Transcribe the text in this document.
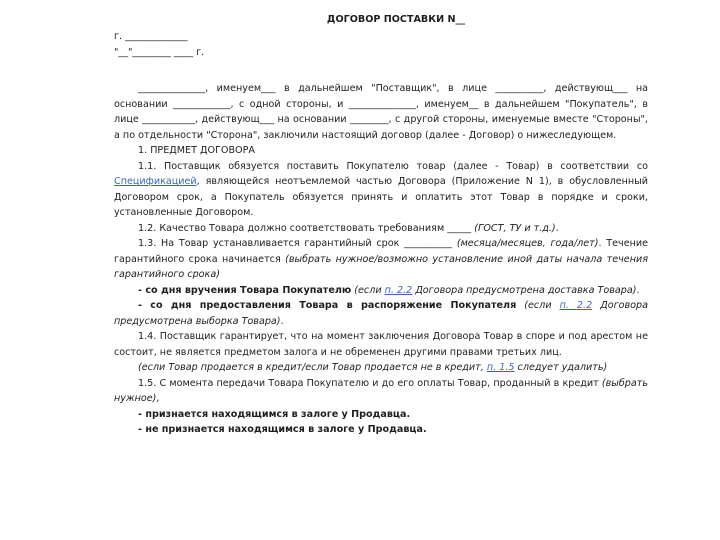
ДОГОВОР ПОСТАВКИ N__
г. _____________
"__"________ ____ г.

______________, именуем___ в дальнейшем "Поставщик", в лице __________, действующ___ на основании ____________, с одной стороны, и ______________, именуем__ в дальнейшем "Покупатель", в лице ___________, действующ___ на основании ________, с другой стороны, именуемые вместе "Стороны", а по отдельности "Сторона", заключили настоящий договор (далее - Договор) о нижеследующем.

1. ПРЕДМЕТ ДОГОВОРА

1.1. Поставщик обязуется поставить Покупателю товар (далее - Товар) в соответствии со Спецификацией, являющейся неотъемлемой частью Договора (Приложение N 1), в обусловленный Договором срок, а Покупатель обязуется принять и оплатить этот Товар в порядке и сроки, установленные Договором.

1.2. Качество Товара должно соответствовать требованиям _____ (ГОСТ, ТУ и т.д.).

1.3. На Товар устанавливается гарантийный срок __________ (месяца/месяцев, года/лет). Течение гарантийного срока начинается (выбрать нужное/возможно установление иной даты начала течения гарантийного срока)

- со дня вручения Товара Покупателю (если п. 2.2 Договора предусмотрена доставка Товара).

- со дня предоставления Товара в распоряжение Покупателя (если п. 2.2 Договора предусмотрена выборка Товара).

1.4. Поставщик гарантирует, что на момент заключения Договора Товар в споре и под арестом не состоит, не является предметом залога и не обременен другими правами третьих лиц.

(если Товар продается в кредит/если Товар продается не в кредит, п. 1.5 следует удалить)

1.5. С момента передачи Товара Покупателю и до его оплаты Товар, проданный в кредит (выбрать нужное),

- признается находящимся в залоге у Продавца.

- не признается находящимся в залоге у Продавца.
